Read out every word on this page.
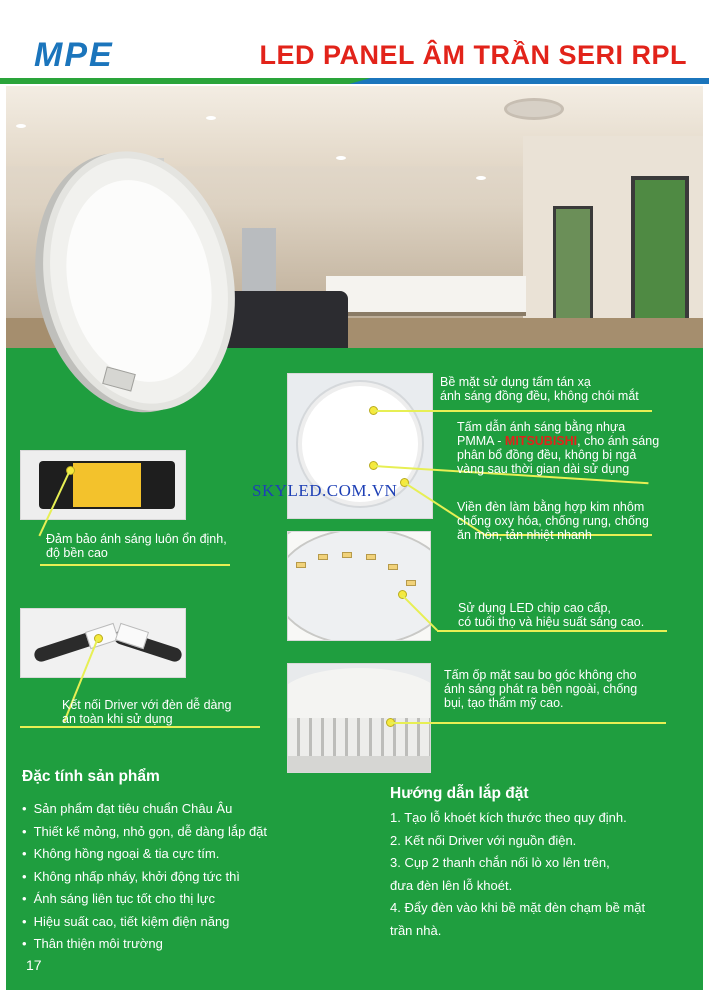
MPE	LED PANEL ÂM TRẦN SERI RPL
Bề mặt sử dụng tấm tán xạ
ánh sáng đồng đều, không chói mắt
Tấm dẫn ánh sáng bằng nhựa
PMMA - MITSUBISHI, cho ánh sáng
phân bổ đồng đều, không bị ngả
vàng sau thời gian dài sử dụng
Viền đèn làm bằng hợp kim nhôm
chống oxy hóa, chống rung, chống
ăn mòn, tản nhiệt nhanh
Sử dụng LED chip cao cấp,
có tuổi thọ và hiệu suất sáng cao.
Tấm ốp mặt sau bo góc không cho
ánh sáng phát ra bên ngoài, chống
bụi, tạo thẩm mỹ cao.
Đảm bảo ánh sáng luôn ổn định,
độ bền cao
Kết nối Driver với đèn dễ dàng
an toàn khi sử dụng
SKYLED.COM.VN
Đặc tính sản phẩm
• Sản phẩm đạt tiêu chuẩn Châu Âu
• Thiết kế mỏng, nhỏ gọn, dễ dàng lắp đặt
• Không hồng ngoại & tia cực tím.
• Không nhấp nháy, khởi động tức thì
• Ánh sáng liên tục tốt cho thị lực
• Hiệu suất cao, tiết kiệm điện năng
• Thân thiện môi trường
Hướng dẫn lắp đặt
1. Tạo lỗ khoét kích thước theo quy định.
2. Kết nối Driver với nguồn điện.
3. Cụp 2 thanh chắn nối lò xo lên trên,
đưa đèn lên lỗ khoét.
4. Đẩy đèn vào khi bề mặt đèn chạm bề mặt
trần nhà.
17
